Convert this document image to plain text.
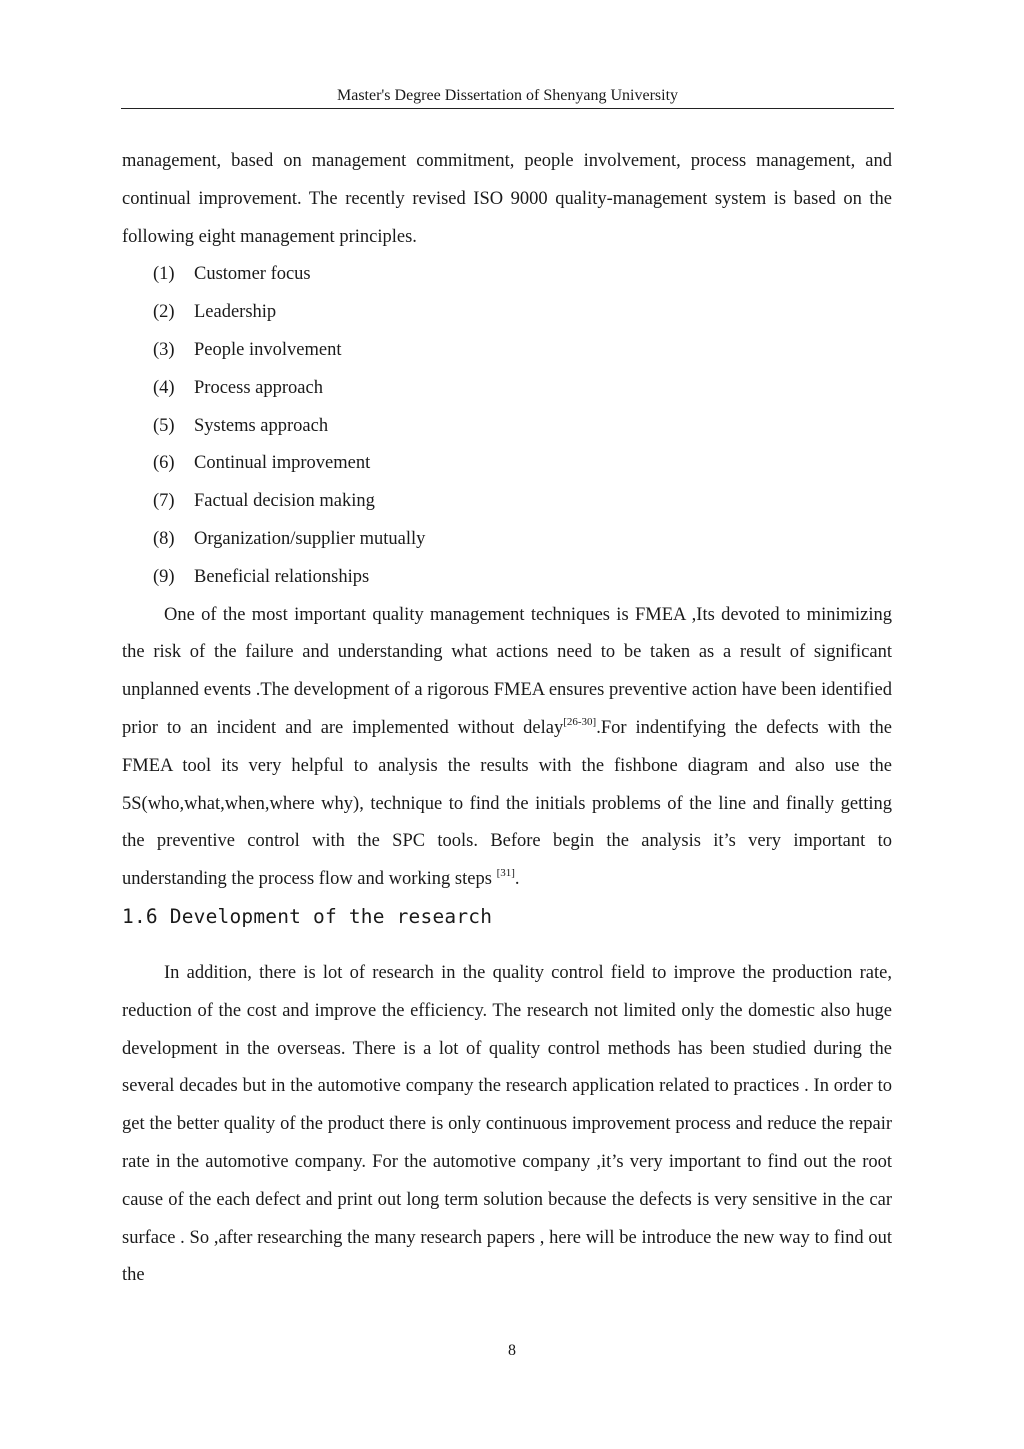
Master's Degree Dissertation of Shenyang University

management, based on management commitment, people involvement, process management, and continual improvement. The recently revised ISO 9000 quality-management system is based on the following eight management principles.

(1) Customer focus
(2) Leadership
(3) People involvement
(4) Process approach
(5) Systems approach
(6) Continual improvement
(7) Factual decision making
(8) Organization/supplier mutually
(9) Beneficial relationships

One of the most important quality management techniques is FMEA ,Its devoted to minimizing the risk of the failure and understanding what actions need to be taken as a result of significant unplanned events .The development of a rigorous FMEA ensures preventive action have been identified prior to an incident and are implemented without delay[26-30].For indentifying the defects with the FMEA tool its very helpful to analysis the results with the fishbone diagram and also use the 5S(who,what,when,where why), technique to find the initials problems of the line and finally getting the preventive control with the SPC tools. Before begin the analysis it’s very important to understanding the process flow and working steps [31].

1.6 Development of the research

In addition, there is lot of research in the quality control field to improve the production rate, reduction of the cost and improve the efficiency. The research not limited only the domestic also huge development in the overseas. There is a lot of quality control methods has been studied during the several decades but in the automotive company the research application related to practices . In order to get the better quality of the product there is only continuous improvement process and reduce the repair rate in the automotive company. For the automotive company ,it’s very important to find out the root cause of the each defect and print out long term solution because the defects is very sensitive in the car surface . So ,after researching the many research papers , here will be introduce the new way to find out the

8
